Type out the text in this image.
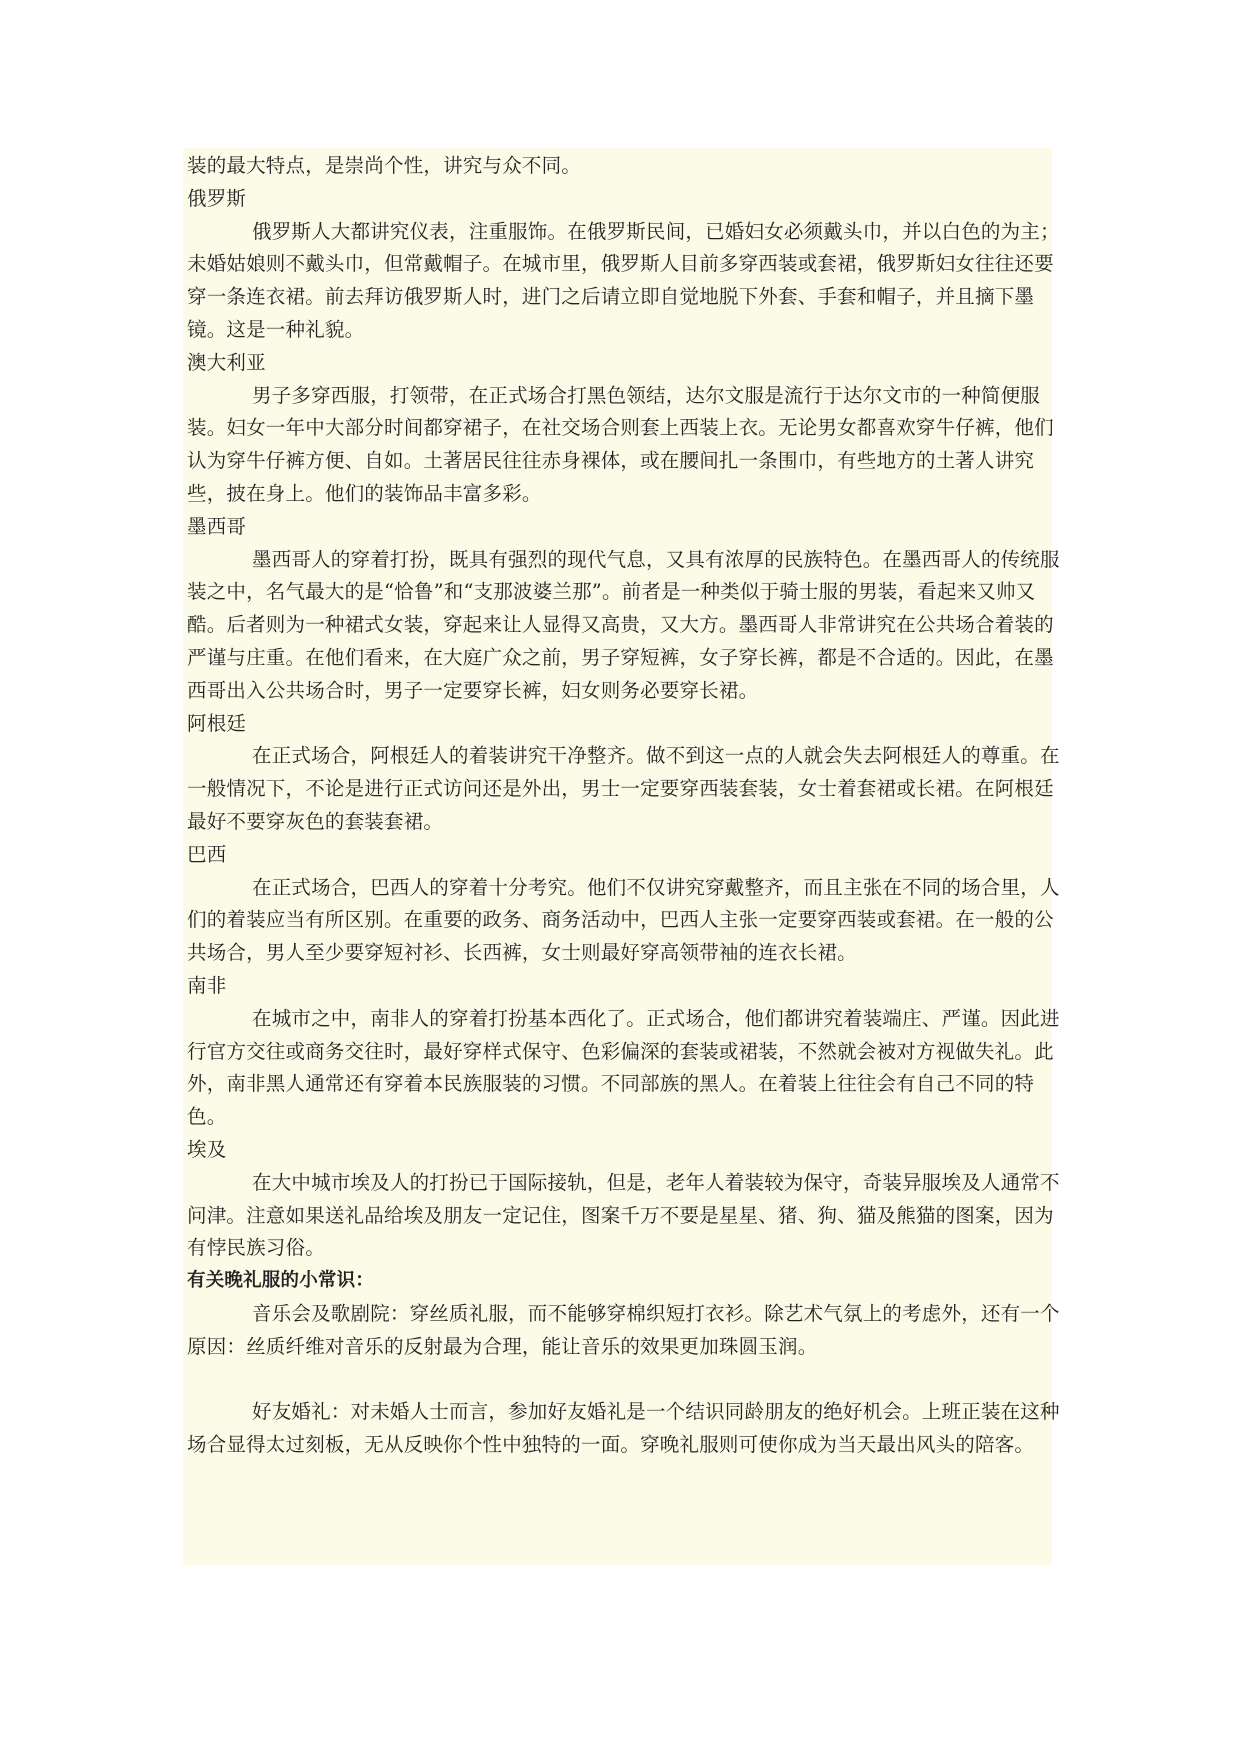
装的最大特点，是崇尚个性，讲究与众不同。

俄罗斯

俄罗斯人大都讲究仪表，注重服饰。在俄罗斯民间，已婚妇女必须戴头巾，并以白色的为主；未婚姑娘则不戴头巾，但常戴帽子。在城市里，俄罗斯人目前多穿西装或套裙，俄罗斯妇女往往还要穿一条连衣裙。前去拜访俄罗斯人时，进门之后请立即自觉地脱下外套、手套和帽子，并且摘下墨镜。这是一种礼貌。

澳大利亚

男子多穿西服，打领带，在正式场合打黑色领结，达尔文服是流行于达尔文市的一种简便服装。妇女一年中大部分时间都穿裙子，在社交场合则套上西装上衣。无论男女都喜欢穿牛仔裤，他们认为穿牛仔裤方便、自如。土著居民往往赤身裸体，或在腰间扎一条围巾，有些地方的土著人讲究些，披在身上。他们的装饰品丰富多彩。

墨西哥

墨西哥人的穿着打扮，既具有强烈的现代气息，又具有浓厚的民族特色。在墨西哥人的传统服装之中，名气最大的是“恰鲁”和“支那波婆兰那”。前者是一种类似于骑士服的男装，看起来又帅又酷。后者则为一种裙式女装，穿起来让人显得又高贵，又大方。墨西哥人非常讲究在公共场合着装的严谨与庄重。在他们看来，在大庭广众之前，男子穿短裤，女子穿长裤，都是不合适的。因此，在墨西哥出入公共场合时，男子一定要穿长裤，妇女则务必要穿长裙。

阿根廷

在正式场合，阿根廷人的着装讲究干净整齐。做不到这一点的人就会失去阿根廷人的尊重。在一般情况下，不论是进行正式访问还是外出，男士一定要穿西装套装，女士着套裙或长裙。在阿根廷最好不要穿灰色的套装套裙。

巴西

在正式场合，巴西人的穿着十分考究。他们不仅讲究穿戴整齐，而且主张在不同的场合里，人们的着装应当有所区别。在重要的政务、商务活动中，巴西人主张一定要穿西装或套裙。在一般的公共场合，男人至少要穿短衬衫、长西裤，女士则最好穿高领带袖的连衣长裙。

南非

在城市之中，南非人的穿着打扮基本西化了。正式场合，他们都讲究着装端庄、严谨。因此进行官方交往或商务交往时，最好穿样式保守、色彩偏深的套装或裙装，不然就会被对方视做失礼。此外，南非黑人通常还有穿着本民族服装的习惯。不同部族的黑人。在着装上往往会有自己不同的特色。

埃及

在大中城市埃及人的打扮已于国际接轨，但是，老年人着装较为保守，奇装异服埃及人通常不问津。注意如果送礼品给埃及朋友一定记住，图案千万不要是星星、猪、狗、猫及熊猫的图案，因为有悖民族习俗。

有关晚礼服的小常识：

音乐会及歌剧院：穿丝质礼服，而不能够穿棉织短打衣衫。除艺术气氛上的考虑外，还有一个原因：丝质纤维对音乐的反射最为合理，能让音乐的效果更加珠圆玉润。

好友婚礼：对未婚人士而言，参加好友婚礼是一个结识同龄朋友的绝好机会。上班正装在这种场合显得太过刻板，无从反映你个性中独特的一面。穿晚礼服则可使你成为当天最出风头的陪客。
